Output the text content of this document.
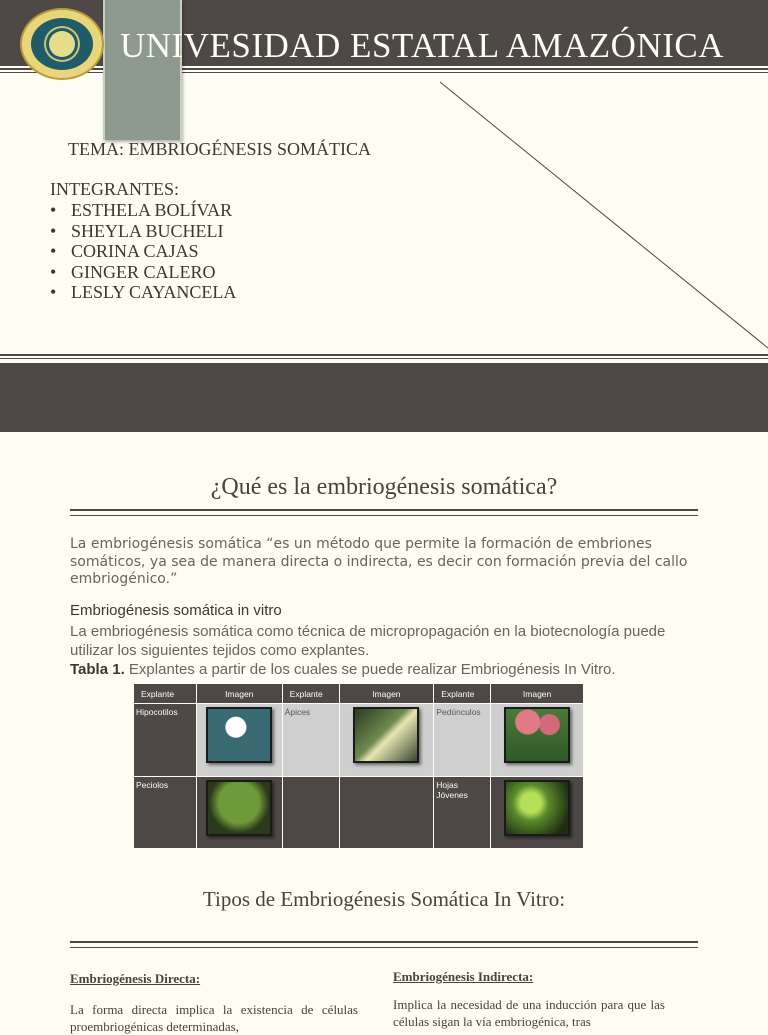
UNIVESIDAD ESTATAL AMAZÓNICA
TEMA: EMBRIOGÉNESIS SOMÁTICA
INTEGRANTES:
• ESTHELA BOLÍVAR
• SHEYLA BUCHELI
• CORINA CAJAS
• GINGER CALERO
• LESLY CAYANCELA
¿Qué es la embriogénesis somática?
La embriogénesis somática “es un método que permite la formación de embriones somáticos, ya sea de manera directa o indirecta, es decir con formación previa del callo embriogénico.”
Embriogénesis somática in vitro
La embriogénesis somática como técnica de micropropagación en la biotecnología puede utilizar los siguientes tejidos como explantes.
Tabla 1. Explantes a partir de los cuales se puede realizar Embriogénesis In Vitro.
Explante	Imagen	Explante	Imagen	Explante	Imagen
Hipocotilos		Ápices		Pedúnculos	

Peciolos				Hojas Jóvenes	
Tipos de Embriogénesis Somática In Vitro:
Embriogénesis Directa:

La forma directa implica la existencia de células proembriogénicas determinadas,

Embriogénesis Indirecta:

Implica la necesidad de una inducción para que las células sigan la vía embriogénica, tras
